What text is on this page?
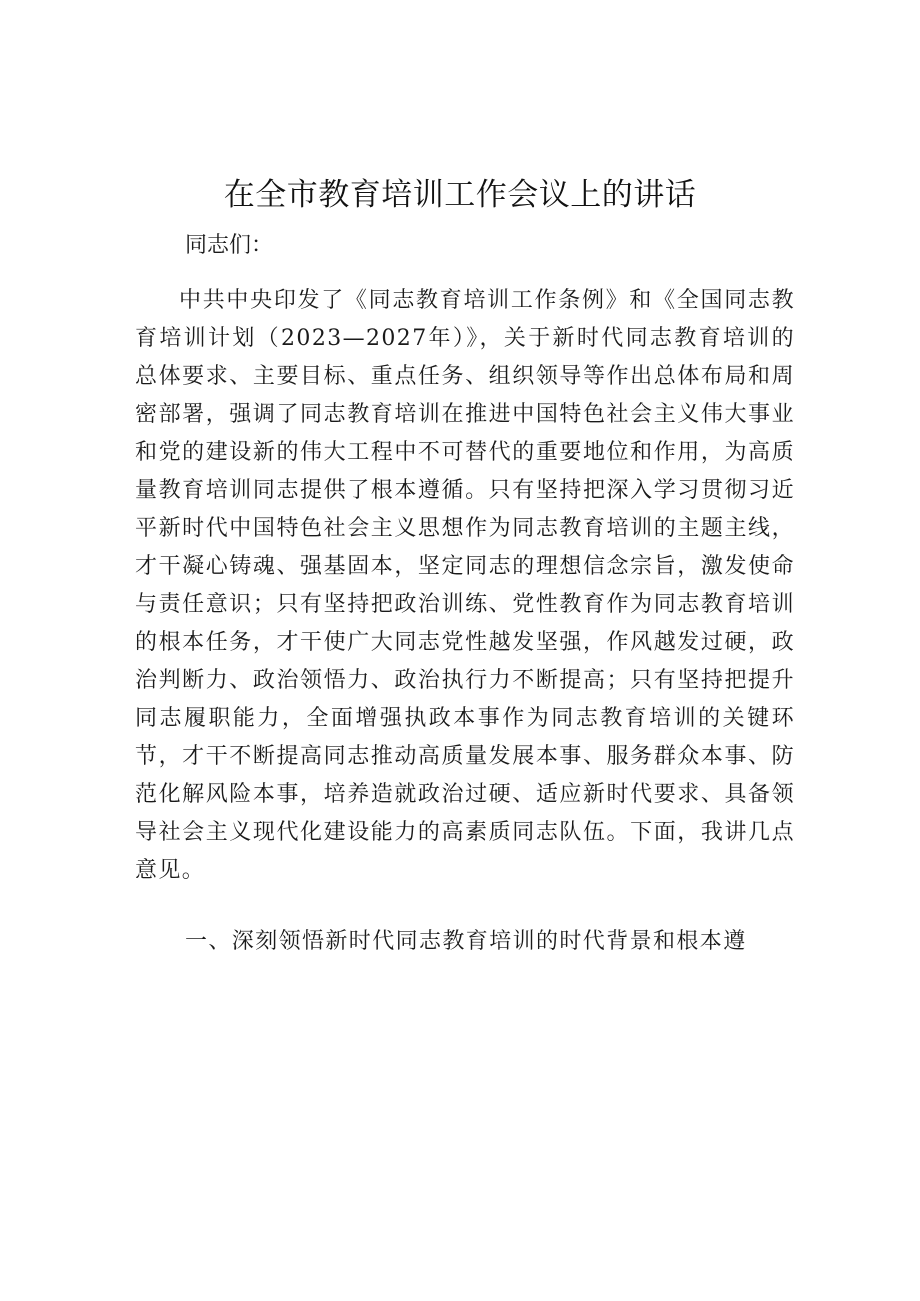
在全市教育培训工作会议上的讲话

同志们：

中共中央印发了《同志教育培训工作条例》和《全国同志教育培训计划（2023—2027年）》，关于新时代同志教育培训的总体要求、主要目标、重点任务、组织领导等作出总体布局和周密部署，强调了同志教育培训在推进中国特色社会主义伟大事业和党的建设新的伟大工程中不可替代的重要地位和作用，为高质量教育培训同志提供了根本遵循。只有坚持把深入学习贯彻习近平新时代中国特色社会主义思想作为同志教育培训的主题主线，才干凝心铸魂、强基固本，坚定同志的理想信念宗旨，激发使命与责任意识；只有坚持把政治训练、党性教育作为同志教育培训的根本任务，才干使广大同志党性越发坚强，作风越发过硬，政治判断力、政治领悟力、政治执行力不断提高；只有坚持把提升同志履职能力，全面增强执政本事作为同志教育培训的关键环节，才干不断提高同志推动高质量发展本事、服务群众本事、防范化解风险本事，培养造就政治过硬、适应新时代要求、具备领导社会主义现代化建设能力的高素质同志队伍。下面，我讲几点意见。

一、深刻领悟新时代同志教育培训的时代背景和根本遵
